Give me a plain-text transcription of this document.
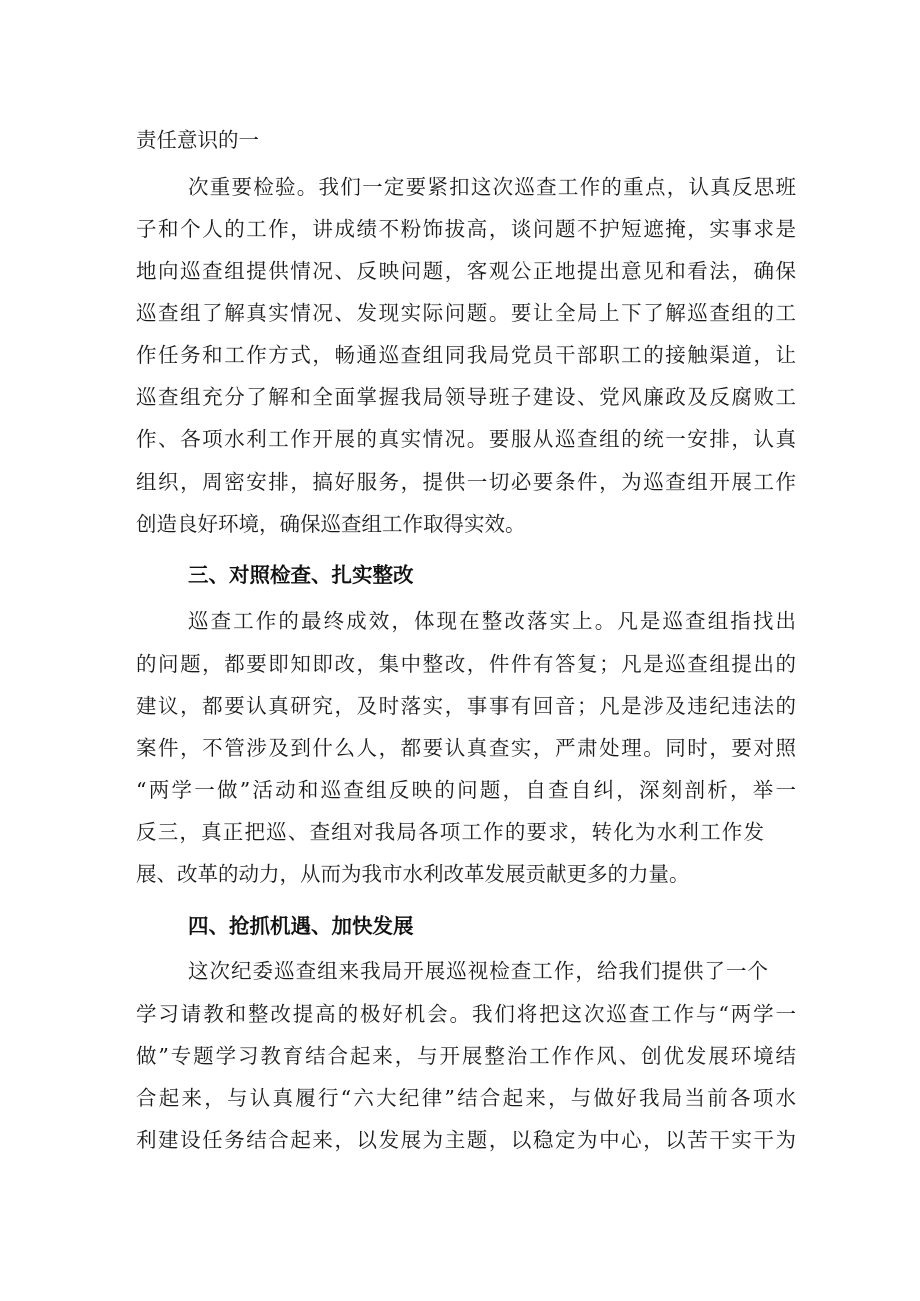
责任意识的一
次重要检验。我们一定要紧扣这次巡查工作的重点，认真反思班
子和个人的工作，讲成绩不粉饰拔高，谈问题不护短遮掩，实事求是
地向巡查组提供情况、反映问题，客观公正地提出意见和看法，确保
巡查组了解真实情况、发现实际问题。要让全局上下了解巡查组的工
作任务和工作方式，畅通巡查组同我局党员干部职工的接触渠道，让
巡查组充分了解和全面掌握我局领导班子建设、党风廉政及反腐败工
作、各项水利工作开展的真实情况。要服从巡查组的统一安排，认真
组织，周密安排，搞好服务，提供一切必要条件，为巡查组开展工作
创造良好环境，确保巡查组工作取得实效。
三、对照检查、扎实整改
巡查工作的最终成效，体现在整改落实上。凡是巡查组指找出
的问题，都要即知即改，集中整改，件件有答复；凡是巡查组提出的
建议，都要认真研究，及时落实，事事有回音；凡是涉及违纪违法的
案件，不管涉及到什么人，都要认真查实，严肃处理。同时，要对照
“两学一做”活动和巡查组反映的问题，自查自纠，深刻剖析，举一
反三，真正把巡、查组对我局各项工作的要求，转化为水利工作发
展、改革的动力，从而为我市水利改革发展贡献更多的力量。
四、抢抓机遇、加快发展
这次纪委巡查组来我局开展巡视检查工作，给我们提供了一个
学习请教和整改提高的极好机会。我们将把这次巡查工作与“两学一
做”专题学习教育结合起来，与开展整治工作作风、创优发展环境结
合起来，与认真履行“六大纪律”结合起来，与做好我局当前各项水
利建设任务结合起来，以发展为主题，以稳定为中心，以苦干实干为
